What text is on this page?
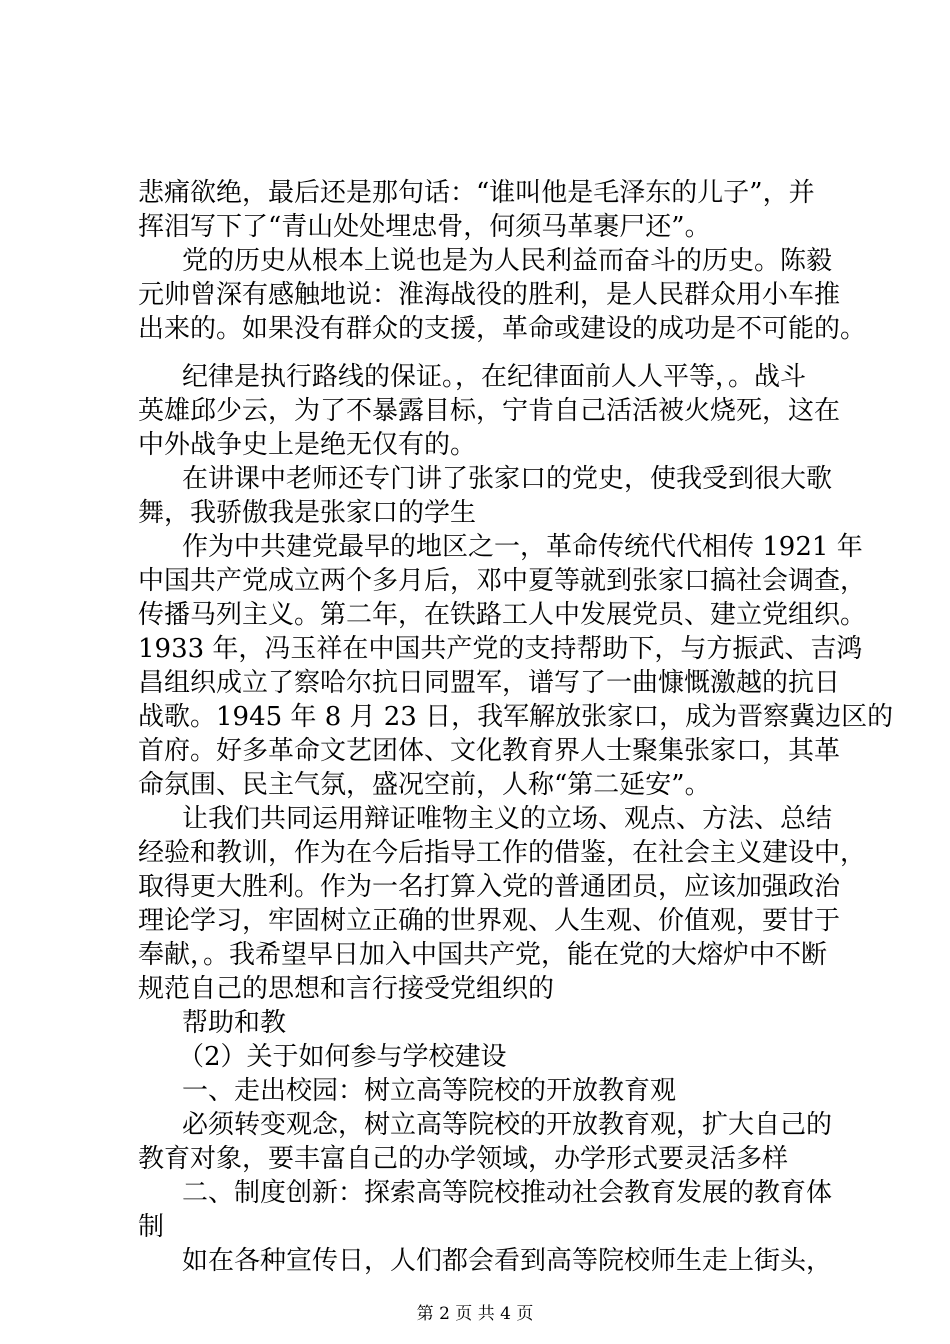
悲痛欲绝，最后还是那句话：“谁叫他是毛泽东的儿子”，并
挥泪写下了“青山处处埋忠骨，何须马革裹尸还”。
党的历史从根本上说也是为人民利益而奋斗的历史。陈毅
元帅曾深有感触地说：淮海战役的胜利，是人民群众用小车推
出来的。如果没有群众的支援，革命或建设的成功是不可能的。
纪律是执行路线的保证。，在纪律面前人人平等，。战斗
英雄邱少云，为了不暴露目标，宁肯自己活活被火烧死，这在
中外战争史上是绝无仅有的。
在讲课中老师还专门讲了张家口的党史，使我受到很大歌
舞，我骄傲我是张家口的学生
作为中共建党最早的地区之一，革命传统代代相传 1921 年
中国共产党成立两个多月后，邓中夏等就到张家口搞社会调查，
传播马列主义。第二年，在铁路工人中发展党员、建立党组织。
1933 年，冯玉祥在中国共产党的支持帮助下，与方振武、吉鸿
昌组织成立了察哈尔抗日同盟军，谱写了一曲慷慨激越的抗日
战歌。1945 年 8 月 23 日，我军解放张家口，成为晋察冀边区的
首府。好多革命文艺团体、文化教育界人士聚集张家口，其革
命氛围、民主气氛，盛况空前，人称“第二延安”。
让我们共同运用辩证唯物主义的立场、观点、方法、总结
经验和教训，作为在今后指导工作的借鉴，在社会主义建设中，
取得更大胜利。作为一名打算入党的普通团员，应该加强政治
理论学习，牢固树立正确的世界观、人生观、价值观，要甘于
奉献，。我希望早日加入中国共产党，能在党的大熔炉中不断
规范自己的思想和言行接受党组织的
帮助和教
（2）关于如何参与学校建设
一、走出校园：树立高等院校的开放教育观
必须转变观念，树立高等院校的开放教育观，扩大自己的
教育对象，要丰富自己的办学领域，办学形式要灵活多样
二、制度创新：探索高等院校推动社会教育发展的教育体
制
如在各种宣传日，人们都会看到高等院校师生走上街头，
第 2 页 共 4 页
